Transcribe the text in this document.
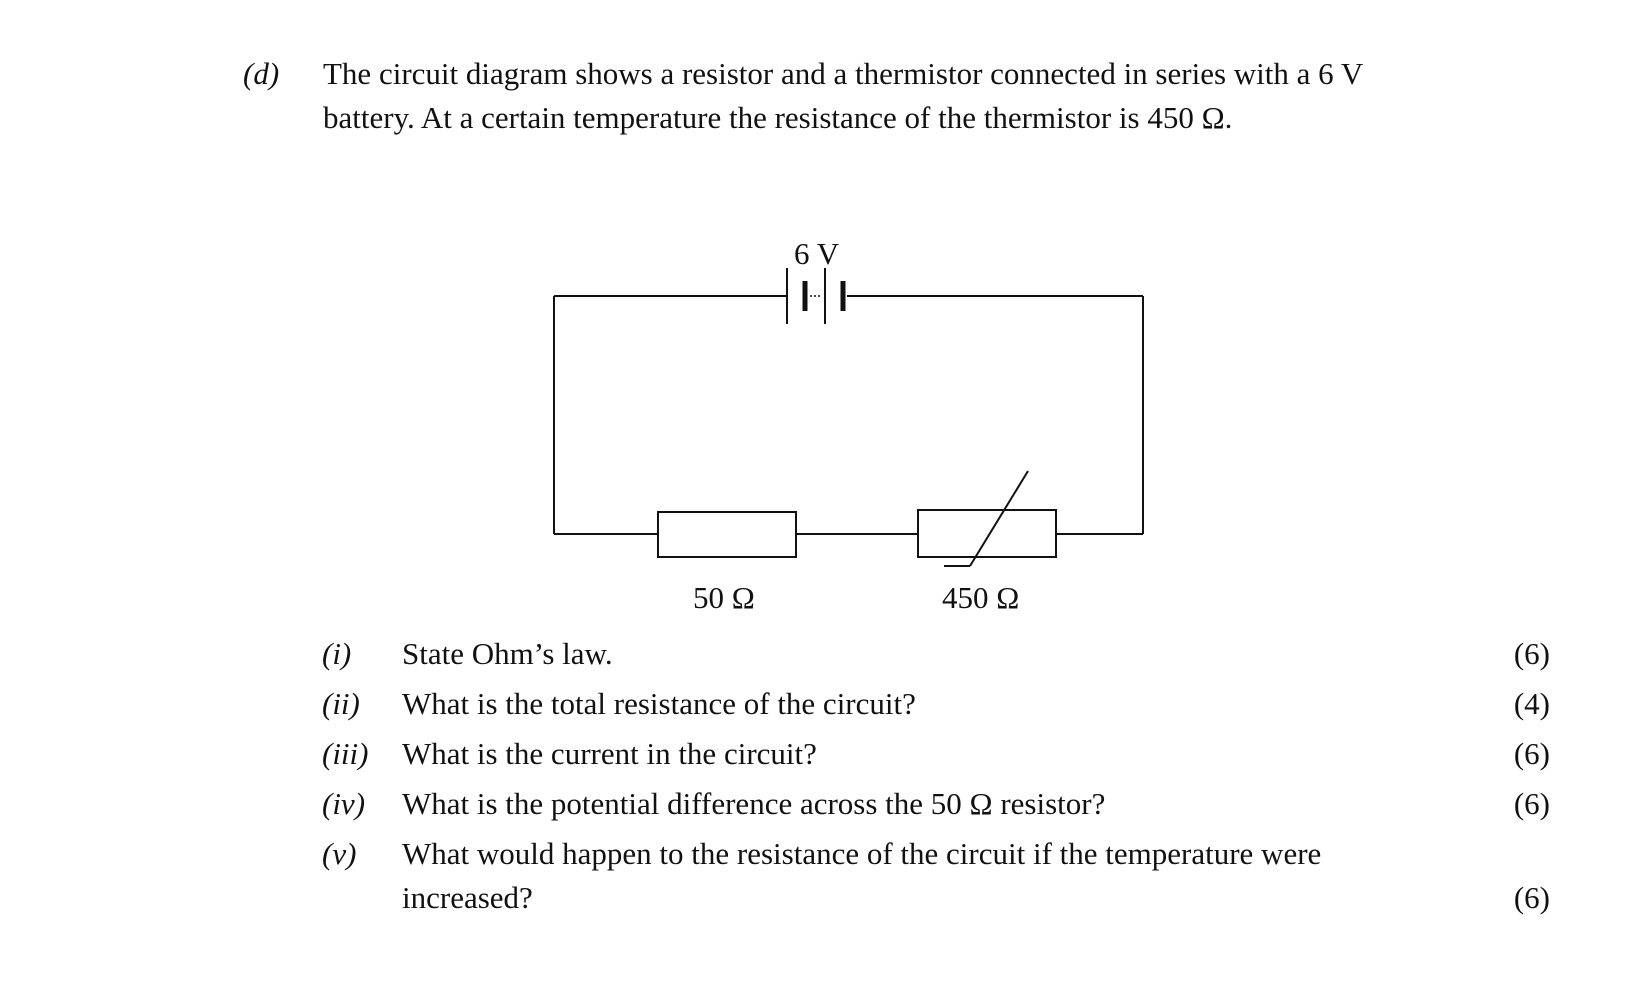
(d) The circuit diagram shows a resistor and a thermistor connected in series with a 6 V
battery. At a certain temperature the resistance of the thermistor is 450 Ω.
6 V
50 Ω	450 Ω
(i) State Ohm’s law.	(6)
(ii) What is the total resistance of the circuit?	(4)
(iii) What is the current in the circuit?	(6)
(iv) What is the potential difference across the 50 Ω resistor?	(6)
(v) What would happen to the resistance of the circuit if the temperature were
increased?	(6)
